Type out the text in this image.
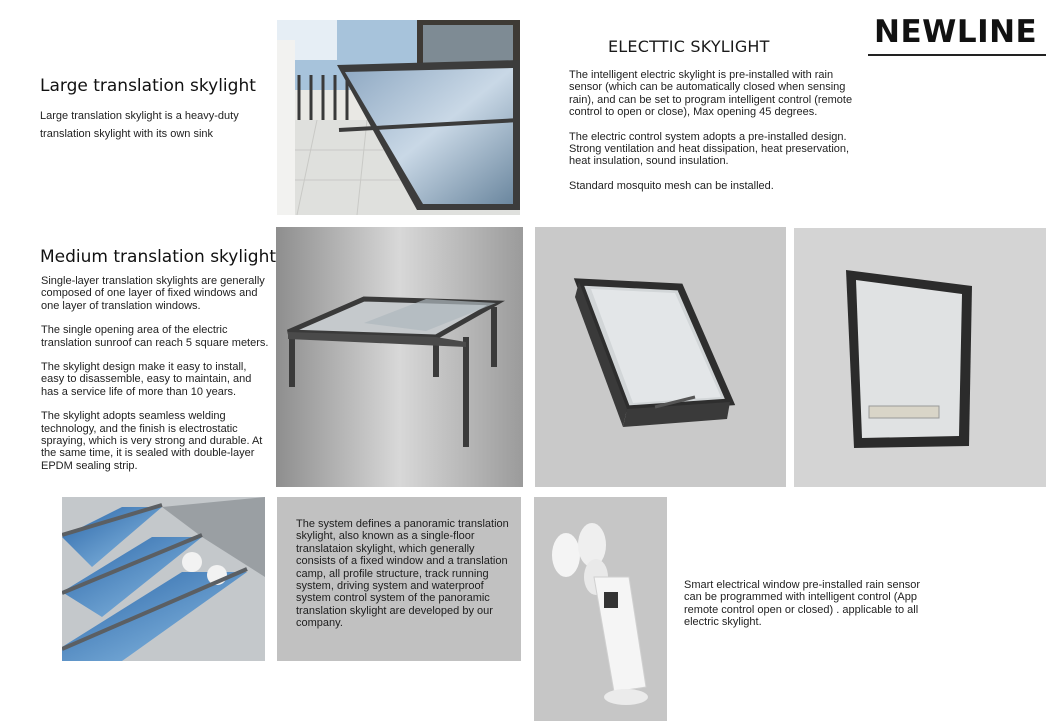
NEWLINE
ELECTTIC SKYLIGHT

The intelligent electric skylight is pre-installed with rain sensor (which can be automatically closed when sensing rain), and can be set to program intelligent control (remote control to open or close), Max opening 45 degrees.

The electric control system adopts a pre-installed design. Strong ventilation and heat dissipation, heat preservation, heat insulation, sound insulation.

Standard mosquito mesh can be installed.

Large translation skylight
Large translation skylight is a heavy-duty translation skylight with its own sink
Medium translation skylight

Single-layer translation skylights are generally composed of one layer of fixed windows and one layer of translation windows.

The single opening area of the electric translation sunroof can reach 5 square meters.

The skylight design make it easy to install, easy to disassemble, easy to maintain, and has a service life of more than 10 years.

The skylight adopts seamless welding technology, and the finish is electrostatic spraying, which is very strong and durable. At the same time, it is sealed with double-layer EPDM sealing strip.

The system defines a panoramic translation skylight, also known as a single-floor translataion skylight, which generally consists of a fixed window and a translation camp, all profile structure, track running system, driving system and waterproof system control system of the panoramic translation skylight are developed by our company.
Smart electrical window pre-installed rain sensor can be programmed with intelligent control (App remote control open or closed) . applicable to all electric skylight.
